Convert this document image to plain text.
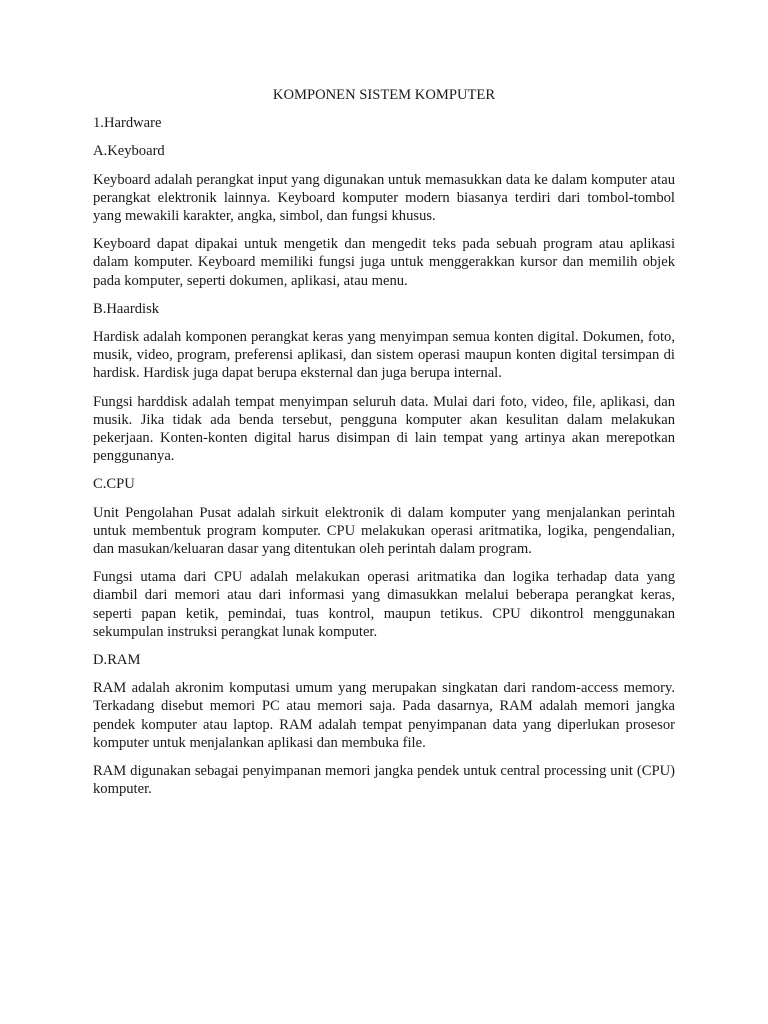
KOMPONEN SISTEM KOMPUTER
1.Hardware
A.Keyboard
Keyboard adalah perangkat input yang digunakan untuk memasukkan data ke dalam komputer atau perangkat elektronik lainnya. Keyboard komputer modern biasanya terdiri dari tombol-tombol yang mewakili karakter, angka, simbol, dan fungsi khusus.
Keyboard dapat dipakai untuk mengetik dan mengedit teks pada sebuah program atau aplikasi dalam komputer. Keyboard memiliki fungsi juga untuk menggerakkan kursor dan memilih objek pada komputer, seperti dokumen, aplikasi, atau menu.
B.Haardisk
Hardisk adalah komponen perangkat keras yang menyimpan semua konten digital. Dokumen, foto, musik, video, program, preferensi aplikasi, dan sistem operasi maupun konten digital tersimpan di hardisk. Hardisk juga dapat berupa eksternal dan juga berupa internal.
Fungsi harddisk adalah tempat menyimpan seluruh data. Mulai dari foto, video, file, aplikasi, dan musik. Jika tidak ada benda tersebut, pengguna komputer akan kesulitan dalam melakukan pekerjaan. Konten-konten digital harus disimpan di lain tempat yang artinya akan merepotkan penggunanya.
C.CPU
Unit Pengolahan Pusat adalah sirkuit elektronik di dalam komputer yang menjalankan perintah untuk membentuk program komputer. CPU melakukan operasi aritmatika, logika, pengendalian, dan masukan/keluaran dasar yang ditentukan oleh perintah dalam program.
Fungsi utama dari CPU adalah melakukan operasi aritmatika dan logika terhadap data yang diambil dari memori atau dari informasi yang dimasukkan melalui beberapa perangkat keras, seperti papan ketik, pemindai, tuas kontrol, maupun tetikus. CPU dikontrol menggunakan sekumpulan instruksi perangkat lunak komputer.
D.RAM
RAM adalah akronim komputasi umum yang merupakan singkatan dari random-access memory. Terkadang disebut memori PC atau memori saja. Pada dasarnya, RAM adalah memori jangka pendek komputer atau laptop. RAM adalah tempat penyimpanan data yang diperlukan prosesor komputer untuk menjalankan aplikasi dan membuka file.
RAM digunakan sebagai penyimpanan memori jangka pendek untuk central processing unit (CPU) komputer.
